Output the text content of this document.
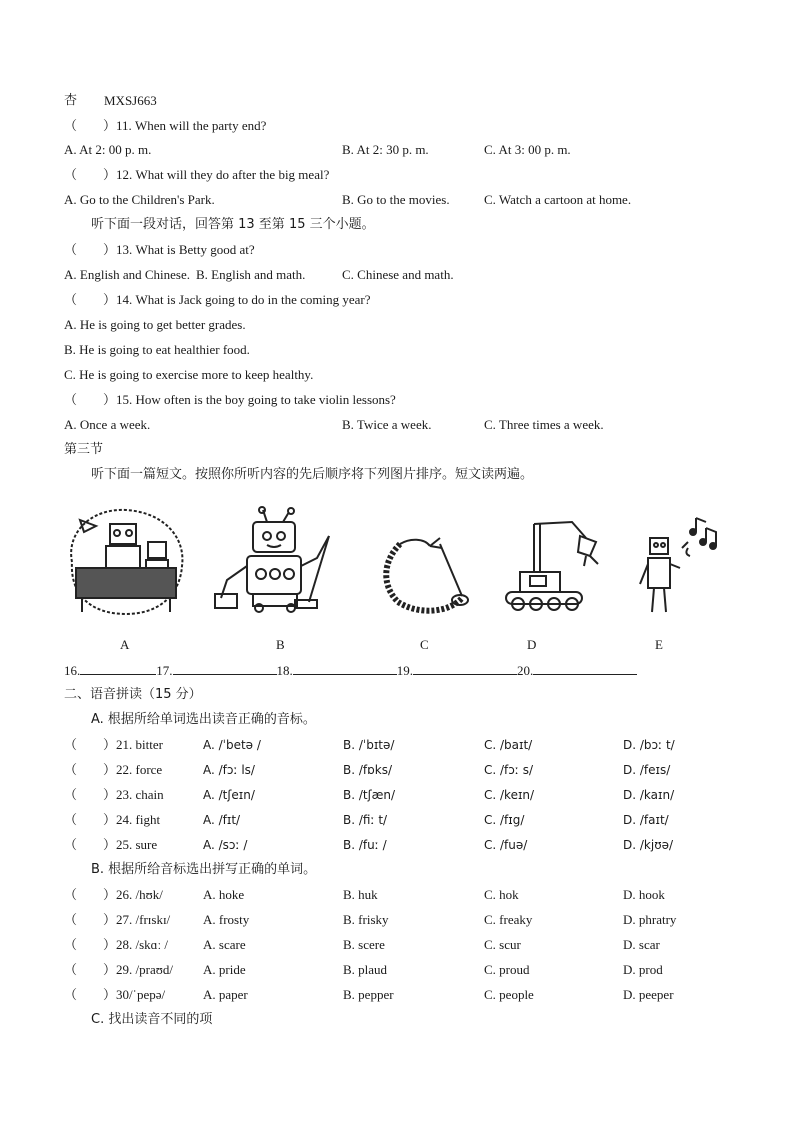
杏 MXSJ663
（　　）11. When will the party end?
A. At 2: 00 p. m.	B. At 2: 30 p. m.	C. At 3: 00 p. m.
（　　）12. What will they do after the big meal?
A. Go to the Children's Park.	B. Go to the movies.	C. Watch a cartoon at home.
听下面一段对话，回答第 13 至第 15 三个小题。
（　　）13. What is Betty good at?
A. English and Chinese. B. English and math.	C. Chinese and math.
（　　）14. What is Jack going to do in the coming year?
A. He is going to get better grades.
B. He is going to eat healthier food.
C. He is going to exercise more to keep healthy.
（　　）15. How often is the boy going to take violin lessons?
A. Once a week.	B. Twice a week.	C. Three times a week.
第三节
听下面一篇短文。按照你所听内容的先后顺序将下列图片排序。短文读两遍。
A	B	C	D	E
16.	17.	18.	19.	20.
二、语音拼读（15 分）
A. 根据所给单词选出读音正确的音标。
（　　）21. bitter	A. /ˈbetə /	B. /ˈbɪtə/	C. /baɪt/	D. /bɔː t/
（　　）22. force	A. /fɔː ls/	B. /fɒks/	C. /fɔː s/	D. /feɪs/
（　　）23. chain	A. /tʃeɪn/	B. /tʃæn/	C. /keɪn/	D. /kaɪn/
（　　）24. fight	A. /fɪt/	B. /fiː t/	C. /fɪg/	D. /faɪt/
（　　）25. sure	A. /sɔː /	B. /fuː /	C. /fuə/	D. /kjʊə/
B. 根据所给音标选出拼写正确的单词。
（　　）26. /hʊk/	A. hoke	B. huk	C. hok	D. hook
（　　）27. /frɪskɪ/	A. frosty	B. frisky	C. freaky	D. phratry
（　　）28. /skɑː /	A. scare	B. scere	C. scur	D. scar
（　　）29. /praʊd/ A. pride	B. plaud	C. proud	D. prod
（　　）30/ˈpepə/	A. paper	B. pepper	C. people	D. peeper
C. 找出读音不同的项
